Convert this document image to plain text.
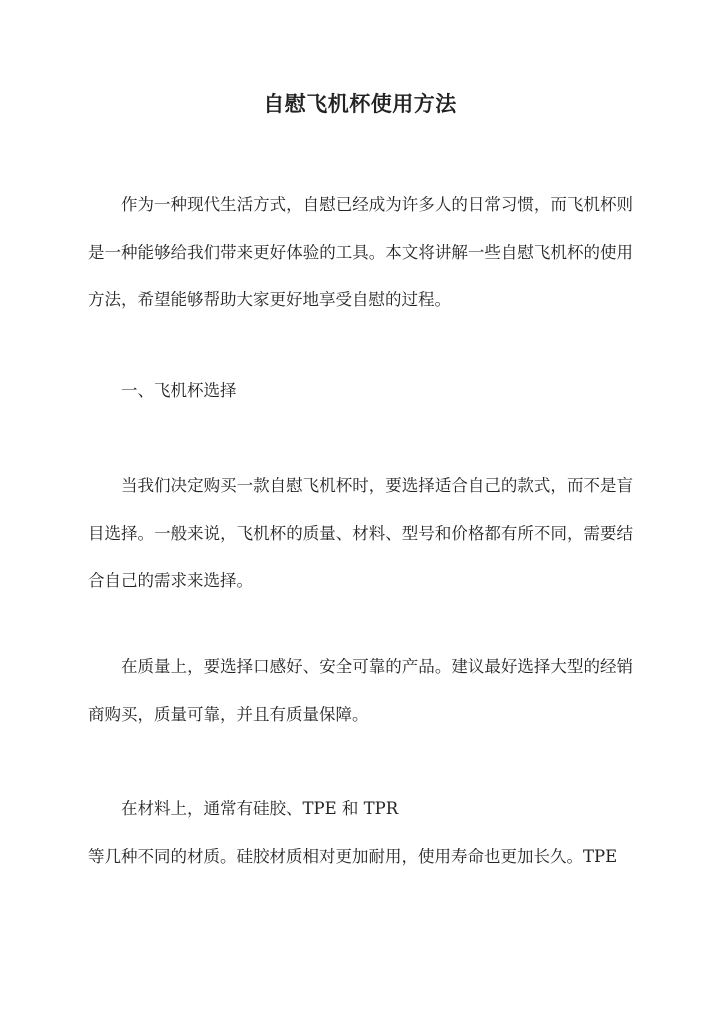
自慰飞机杯使用方法

作为一种现代生活方式，自慰已经成为许多人的日常习惯，而飞机杯则是一种能够给我们带来更好体验的工具。本文将讲解一些自慰飞机杯的使用方法，希望能够帮助大家更好地享受自慰的过程。

一、飞机杯选择

当我们决定购买一款自慰飞机杯时，要选择适合自己的款式，而不是盲目选择。一般来说，飞机杯的质量、材料、型号和价格都有所不同，需要结合自己的需求来选择。

在质量上，要选择口感好、安全可靠的产品。建议最好选择大型的经销商购买，质量可靠，并且有质量保障。

在材料上，通常有硅胶、TPE 和 TPR

等几种不同的材质。硅胶材质相对更加耐用，使用寿命也更加长久。TPE
